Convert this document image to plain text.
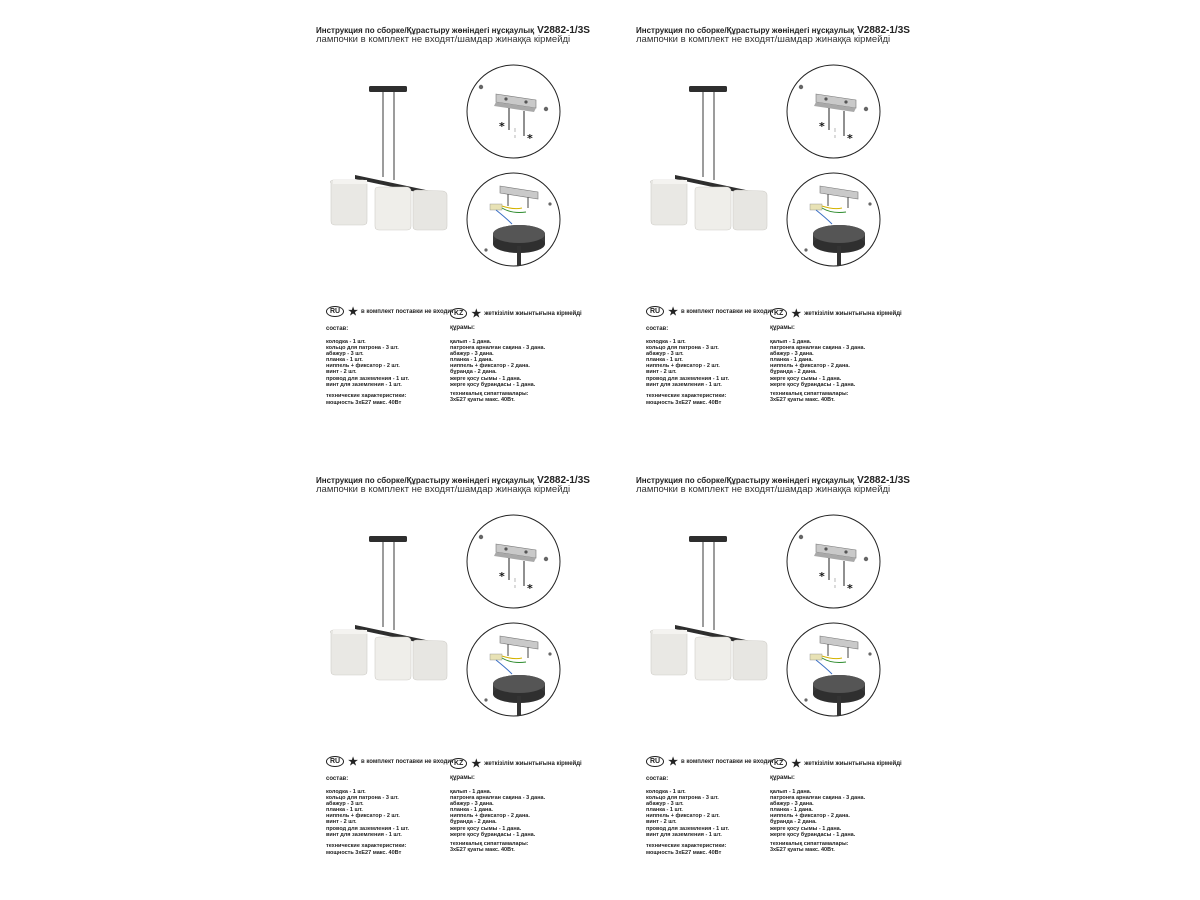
Инструкция по сборке/Құрастыру жөніндегі нұсқаулық V2882-1/3S
лампочки в комплект не входят/шамдар жинаққа кірмейді
*
*
RU ★ в комплект поставки не входит KZ ★ жеткізілім жиынтығына кірмейді
состав:	құрамы:
колодка - 1 шт.
кольцо для патрона - 3 шт.
абажур - 3 шт.
планка - 1 шт.
ниппель + фиксатор - 2 шт.
винт - 2 шт.
провод для заземления - 1 шт.
винт для заземления - 1 шт.
қалып - 1 дана.
патронға арналған сақина - 3 дана.
абажур - 3 дана.
планка - 1 дана.
ниппель + фиксатор - 2 дана.
бұранда - 2 дана.
жерге қосу сымы - 1 дана.
жерге қосу бұрандасы - 1 дана.
технические характеристики:
мощность 3хЕ27 макс. 40Вт
техникалық сипаттамалары:
3хЕ27 қуаты макс. 40Вт.
Инструкция по сборке/Құрастыру жөніндегі нұсқаулық V2882-1/3S
лампочки в комплект не входят/шамдар жинаққа кірмейді
*
*
RU ★ в комплект поставки не входит KZ ★ жеткізілім жиынтығына кірмейді
состав:	құрамы:
колодка - 1 шт.
кольцо для патрона - 3 шт.
абажур - 3 шт.
планка - 1 шт.
ниппель + фиксатор - 2 шт.
винт - 2 шт.
провод для заземления - 1 шт.
винт для заземления - 1 шт.
қалып - 1 дана.
патронға арналған сақина - 3 дана.
абажур - 3 дана.
планка - 1 дана.
ниппель + фиксатор - 2 дана.
бұранда - 2 дана.
жерге қосу сымы - 1 дана.
жерге қосу бұрандасы - 1 дана.
технические характеристики:
мощность 3хЕ27 макс. 40Вт
техникалық сипаттамалары:
3хЕ27 қуаты макс. 40Вт.
Инструкция по сборке/Құрастыру жөніндегі нұсқаулық V2882-1/3S
лампочки в комплект не входят/шамдар жинаққа кірмейді
*
*
RU ★ в комплект поставки не входит KZ ★ жеткізілім жиынтығына кірмейді
состав:	құрамы:
колодка - 1 шт.
кольцо для патрона - 3 шт.
абажур - 3 шт.
планка - 1 шт.
ниппель + фиксатор - 2 шт.
винт - 2 шт.
провод для заземления - 1 шт.
винт для заземления - 1 шт.
қалып - 1 дана.
патронға арналған сақина - 3 дана.
абажур - 3 дана.
планка - 1 дана.
ниппель + фиксатор - 2 дана.
бұранда - 2 дана.
жерге қосу сымы - 1 дана.
жерге қосу бұрандасы - 1 дана.
технические характеристики:
мощность 3хЕ27 макс. 40Вт
техникалық сипаттамалары:
3хЕ27 қуаты макс. 40Вт.
Инструкция по сборке/Құрастыру жөніндегі нұсқаулық V2882-1/3S
лампочки в комплект не входят/шамдар жинаққа кірмейді
*
*
RU ★ в комплект поставки не входит KZ ★ жеткізілім жиынтығына кірмейді
состав:	құрамы:
колодка - 1 шт.
кольцо для патрона - 3 шт.
абажур - 3 шт.
планка - 1 шт.
ниппель + фиксатор - 2 шт.
винт - 2 шт.
провод для заземления - 1 шт.
винт для заземления - 1 шт.
қалып - 1 дана.
патронға арналған сақина - 3 дана.
абажур - 3 дана.
планка - 1 дана.
ниппель + фиксатор - 2 дана.
бұранда - 2 дана.
жерге қосу сымы - 1 дана.
жерге қосу бұрандасы - 1 дана.
технические характеристики:
мощность 3хЕ27 макс. 40Вт
техникалық сипаттамалары:
3хЕ27 қуаты макс. 40Вт.
